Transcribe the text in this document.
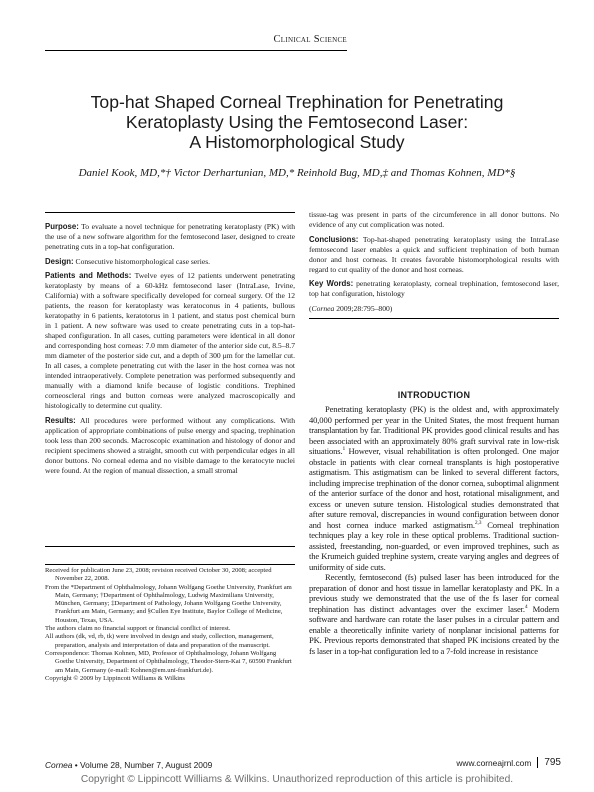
Clinical Science
Top-hat Shaped Corneal Trephination for Penetrating
Keratoplasty Using the Femtosecond Laser:
A Histomorphological Study
Daniel Kook, MD,*† Victor Derhartunian, MD,* Reinhold Bug, MD,‡ and Thomas Kohnen, MD*§

Purpose: To evaluate a novel technique for penetrating keratoplasty (PK) with the use of a new software algorithm for the femtosecond laser, designed to create penetrating cuts in a top-hat configuration.

Design: Consecutive histomorphological case series.

Patients and Methods: Twelve eyes of 12 patients underwent penetrating keratoplasty by means of a 60-kHz femtosecond laser (IntraLase, Irvine, California) with a software specifically developed for corneal surgery. Of the 12 patients, the reason for keratoplasty was keratoconus in 4 patients, bullous keratopathy in 6 patients, keratotorus in 1 patient, and status post chemical burn in 1 patient. A new software was used to create penetrating cuts in a top-hat-shaped configuration. In all cases, cutting parameters were identical in all donor and corresponding host corneas: 7.0 mm diameter of the anterior side cut, 8.5–8.7 mm diameter of the posterior side cut, and a depth of 300 μm for the lamellar cut. In all cases, a complete penetrating cut with the laser in the host cornea was not intended intraoperatively. Complete penetration was performed subsequently and manually with a diamond knife because of logistic conditions. Trephined corneoscleral rings and button corneas were analyzed macroscopically and histologically to determine cut quality.

Results: All procedures were performed without any complications. With application of appropriate combinations of pulse energy and spacing, trephination took less than 200 seconds. Macroscopic examination and histology of donor and recipient specimens showed a straight, smooth cut with perpendicular edges in all donor buttons. No corneal edema and no visible damage to the keratocyte nuclei were found. At the region of manual dissection, a small stromal

tissue-tag was present in parts of the circumference in all donor buttons. No evidence of any cut complication was noted.

Conclusions: Top-hat-shaped penetrating keratoplasty using the IntraLase femtosecond laser enables a quick and sufficient trephination of both human donor and host corneas. It creates favorable histomorphological results with regard to cut quality of the donor and host corneas.

Key Words: penetrating keratoplasty, corneal trephination, femtosecond laser, top hat configuration, histology

(Cornea 2009;28:795–800)

INTRODUCTION

Penetrating keratoplasty (PK) is the oldest and, with approximately 40,000 performed per year in the United States, the most frequent human transplantation by far. Traditional PK provides good clinical results and has been associated with an approximately 80% graft survival rate in low-risk situations.$^1$ However, visual rehabilitation is often prolonged. One major obstacle in patients with clear corneal transplants is high postoperative astigmatism. This astigmatism can be linked to several different factors, including imprecise trephination of the donor cornea, suboptimal alignment of the anterior surface of the donor and host, rotational misalignment, and excess or uneven suture tension. Histological studies demonstrated that after suture removal, discrepancies in wound configuration between donor and host cornea induce marked astigmatism.$^{2,3}$ Corneal trephination techniques play a key role in these optical problems. Traditional suction-assisted, freestanding, non-guarded, or even improved trephines, such as the Krumeich guided trephine system, create varying angles and degrees of uniformity of side cuts.

Recently, femtosecond (fs) pulsed laser has been introduced for the preparation of donor and host tissue in lamellar keratoplasty and PK. In a previous study we demonstrated that the use of the fs laser for corneal trephination has distinct advantages over the excimer laser.$^4$ Modern software and hardware can rotate the laser pulses in a circular pattern and enable a theoretically infinite variety of nonplanar incisional patterns for PK. Previous reports demonstrated that shaped PK incisions created by the fs laser in a top-hat configuration led to a 7-fold increase in resistance

Received for publication June 23, 2008; revision received October 30, 2008; accepted November 22, 2008.

From the *Department of Ophthalmology, Johann Wolfgang Goethe University, Frankfurt am Main, Germany; †Department of Ophthalmology, Ludwig Maximilians University, München, Germany; ‡Department of Pathology, Johann Wolfgang Goethe University, Frankfurt am Main, Germany; and §Cullen Eye Institute, Baylor College of Medicine, Houston, Texas, USA.

The authors claim no financial support or financial conflict of interest.

All authors (dk, vd, rb, tk) were involved in design and study, collection, management, preparation, analysis and interpretation of data and preparation of the manuscript.

Correspondence: Thomas Kohnen, MD, Professor of Ophthalmology, Johann Wolfgang Goethe University, Department of Ophthalmology, Theodor-Stern-Kai 7, 60590 Frankfurt am Main, Germany (e-mail: Kohnen@em.uni-frankfurt.de).

Copyright © 2009 by Lippincott Williams & Wilkins

Cornea • Volume 28, Number 7, August 2009	www.corneajrnl.com	795
Copyright © Lippincott Williams & Wilkins. Unauthorized reproduction of this article is prohibited.
